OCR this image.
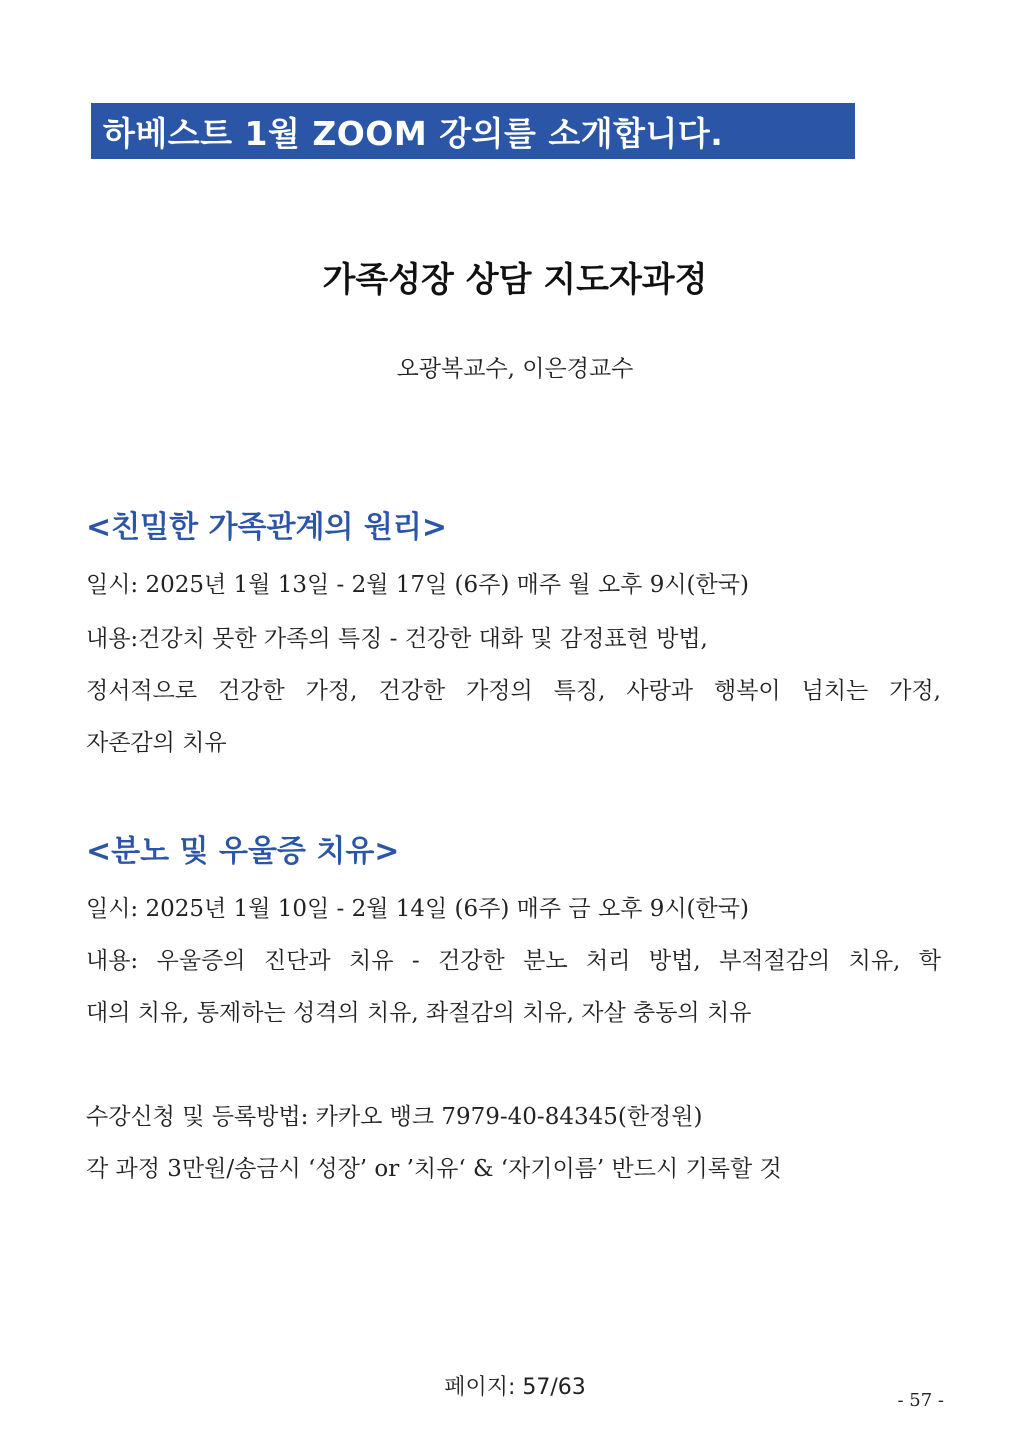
하베스트 1월 ZOOM 강의를 소개합니다.
가족성장 상담 지도자과정
오광복교수, 이은경교수
<친밀한 가족관계의 원리>
일시: 2025년 1월 13일 - 2월 17일 (6주) 매주 월 오후 9시(한국)
내용:건강치 못한 가족의 특징 - 건강한 대화 및 감정표현 방법,
정서적으로 건강한 가정, 건강한 가정의 특징, 사랑과 행복이 넘치는 가정,
자존감의 치유
<분노 및 우울증 치유>
일시: 2025년 1월 10일 - 2월 14일 (6주) 매주 금 오후 9시(한국)
내용: 우울증의 진단과 치유 - 건강한 분노 처리 방법, 부적절감의 치유, 학
대의 치유, 통제하는 성격의 치유, 좌절감의 치유, 자살 충동의 치유
수강신청 및 등록방법: 카카오 뱅크 7979-40-84345(한정원)
각 과정 3만원/송금시 ‘성장’ or ’치유‘ & ‘자기이름’ 반드시 기록할 것
페이지: 57/63
- 57 -
